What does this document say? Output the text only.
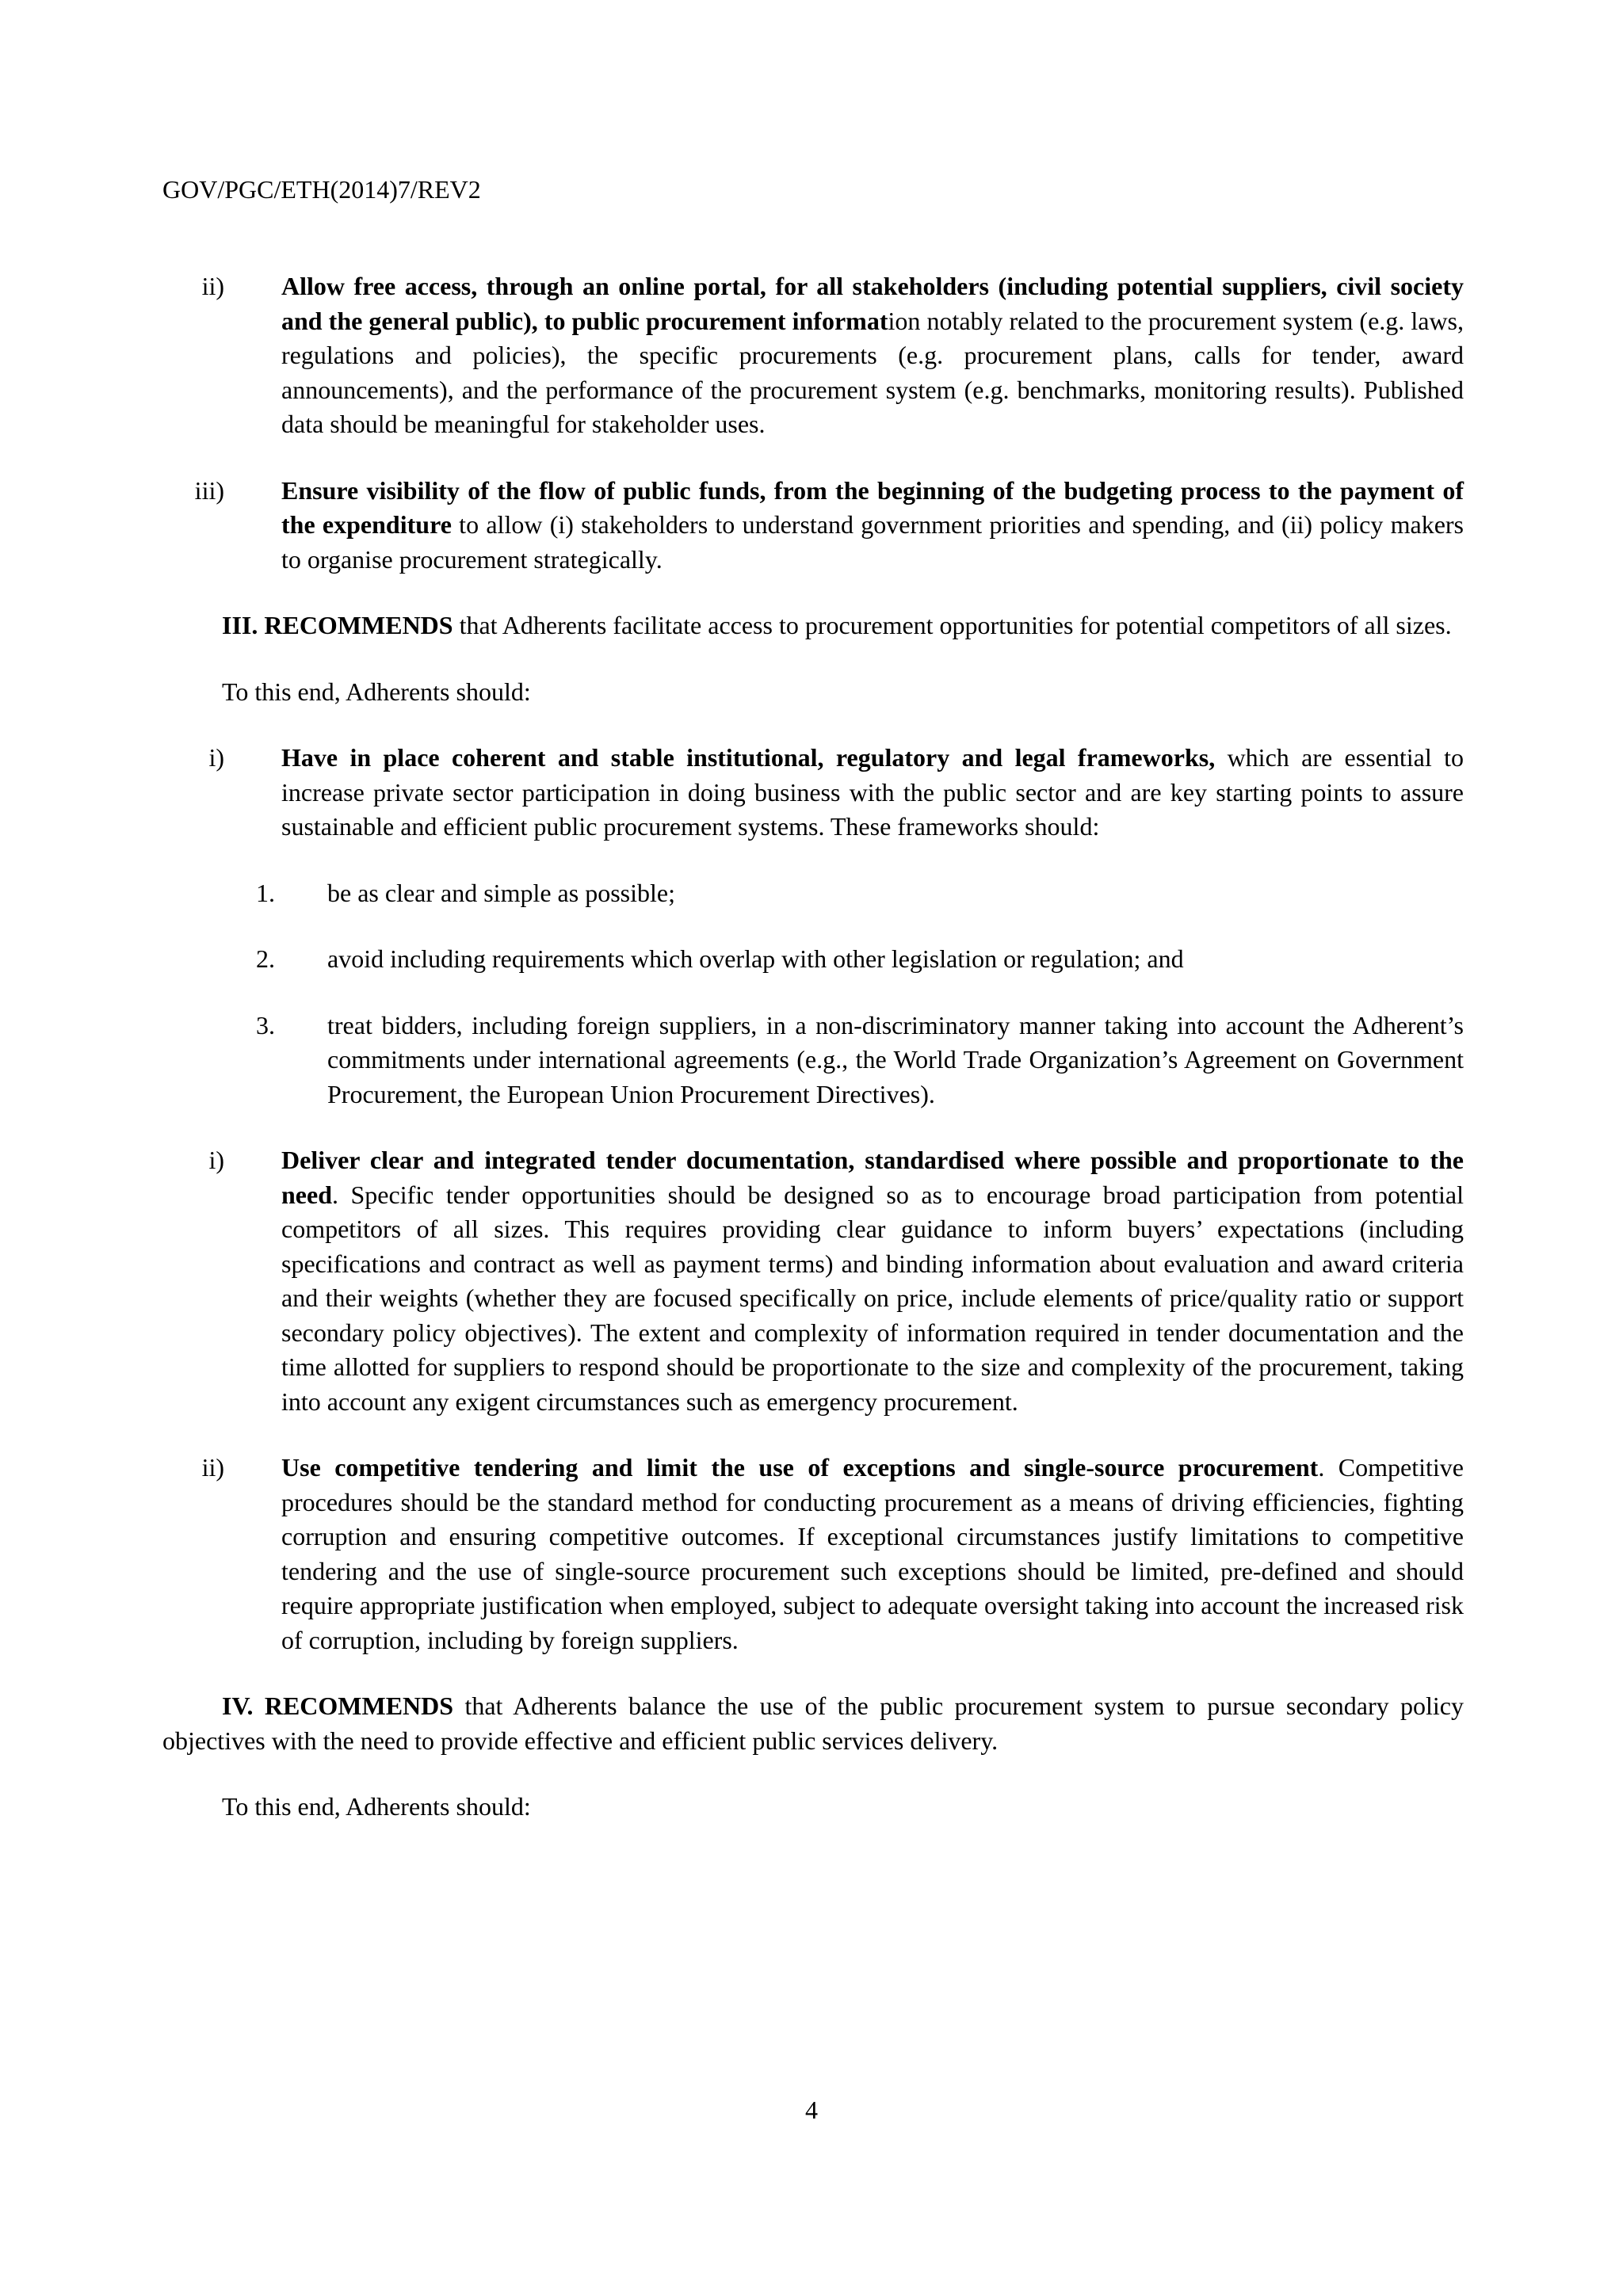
GOV/PGC/ETH(2014)7/REV2
ii) Allow free access, through an online portal, for all stakeholders (including potential suppliers, civil society and the general public), to public procurement information notably related to the procurement system (e.g. laws, regulations and policies), the specific procurements (e.g. procurement plans, calls for tender, award announcements), and the performance of the procurement system (e.g. benchmarks, monitoring results). Published data should be meaningful for stakeholder uses.
iii) Ensure visibility of the flow of public funds, from the beginning of the budgeting process to the payment of the expenditure to allow (i) stakeholders to understand government priorities and spending, and (ii) policy makers to organise procurement strategically.
III. RECOMMENDS that Adherents facilitate access to procurement opportunities for potential competitors of all sizes.
To this end, Adherents should:
i) Have in place coherent and stable institutional, regulatory and legal frameworks, which are essential to increase private sector participation in doing business with the public sector and are key starting points to assure sustainable and efficient public procurement systems. These frameworks should:
1. be as clear and simple as possible;
2. avoid including requirements which overlap with other legislation or regulation; and
3. treat bidders, including foreign suppliers, in a non-discriminatory manner taking into account the Adherent’s commitments under international agreements (e.g., the World Trade Organization’s Agreement on Government Procurement, the European Union Procurement Directives).
i) Deliver clear and integrated tender documentation, standardised where possible and proportionate to the need. Specific tender opportunities should be designed so as to encourage broad participation from potential competitors of all sizes. This requires providing clear guidance to inform buyers’ expectations (including specifications and contract as well as payment terms) and binding information about evaluation and award criteria and their weights (whether they are focused specifically on price, include elements of price/quality ratio or support secondary policy objectives). The extent and complexity of information required in tender documentation and the time allotted for suppliers to respond should be proportionate to the size and complexity of the procurement, taking into account any exigent circumstances such as emergency procurement.
ii) Use competitive tendering and limit the use of exceptions and single-source procurement. Competitive procedures should be the standard method for conducting procurement as a means of driving efficiencies, fighting corruption and ensuring competitive outcomes. If exceptional circumstances justify limitations to competitive tendering and the use of single-source procurement such exceptions should be limited, pre-defined and should require appropriate justification when employed, subject to adequate oversight taking into account the increased risk of corruption, including by foreign suppliers.
IV. RECOMMENDS that Adherents balance the use of the public procurement system to pursue secondary policy objectives with the need to provide effective and efficient public services delivery.
To this end, Adherents should:
4
